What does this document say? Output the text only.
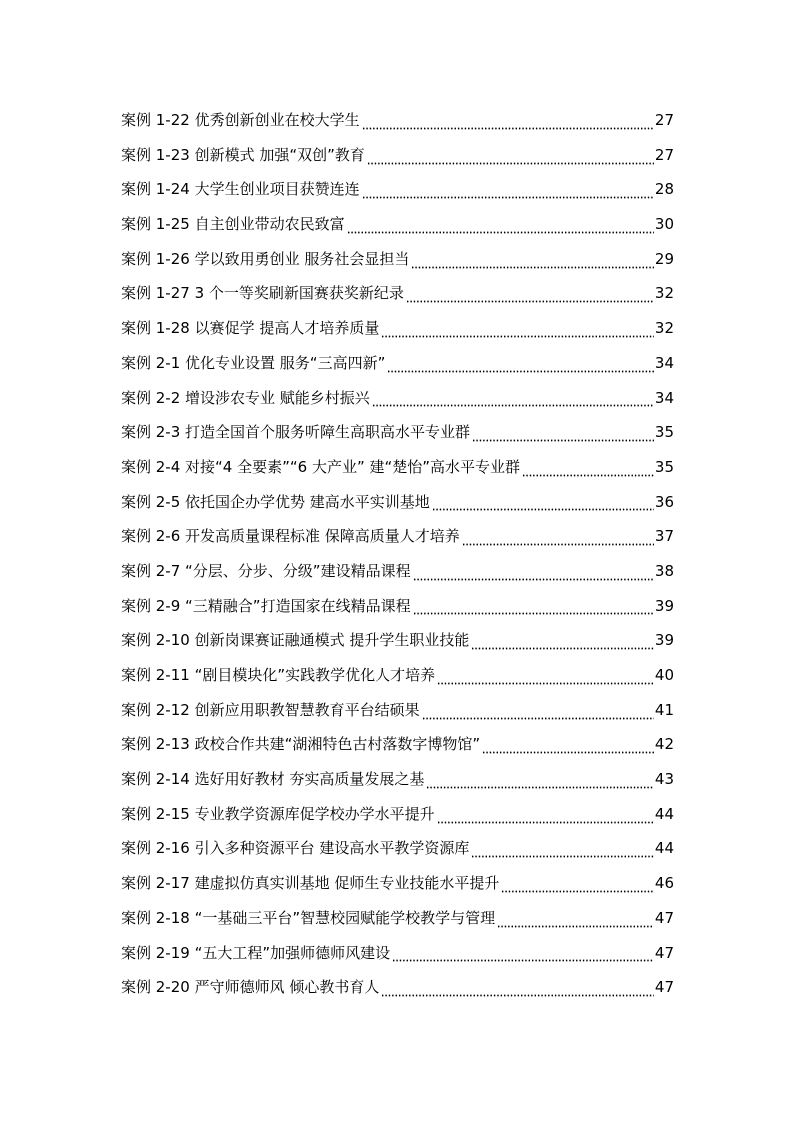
案例 1-22 优秀创新创业在校大学生	27
案例 1-23 创新模式 加强“双创”教育	27
案例 1-24 大学生创业项目获赞连连	28
案例 1-25 自主创业带动农民致富	30
案例 1-26 学以致用勇创业 服务社会显担当	29
案例 1-27 3 个一等奖刷新国赛获奖新纪录	32
案例 1-28 以赛促学 提高人才培养质量	32
案例 2-1 优化专业设置 服务“三高四新”	34
案例 2-2 增设涉农专业 赋能乡村振兴	34
案例 2-3 打造全国首个服务听障生高职高水平专业群	35
案例 2-4 对接“4 全要素”“6 大产业” 建“楚怡”高水平专业群	35
案例 2-5 依托国企办学优势 建高水平实训基地	36
案例 2-6 开发高质量课程标准 保障高质量人才培养	37
案例 2-7 “分层、分步、分级”建设精品课程	38
案例 2-9 “三精融合”打造国家在线精品课程	39
案例 2-10 创新岗课赛证融通模式 提升学生职业技能	39
案例 2-11 “剧目模块化”实践教学优化人才培养	40
案例 2-12 创新应用职教智慧教育平台结硕果	41
案例 2-13 政校合作共建“湖湘特色古村落数字博物馆”	42
案例 2-14 选好用好教材 夯实高质量发展之基	43
案例 2-15 专业教学资源库促学校办学水平提升	44
案例 2-16 引入多种资源平台 建设高水平教学资源库	44
案例 2-17 建虚拟仿真实训基地 促师生专业技能水平提升	46
案例 2-18 “一基础三平台”智慧校园赋能学校教学与管理	47
案例 2-19 “五大工程”加强师德师风建设	47
案例 2-20 严守师德师风 倾心教书育人	47
